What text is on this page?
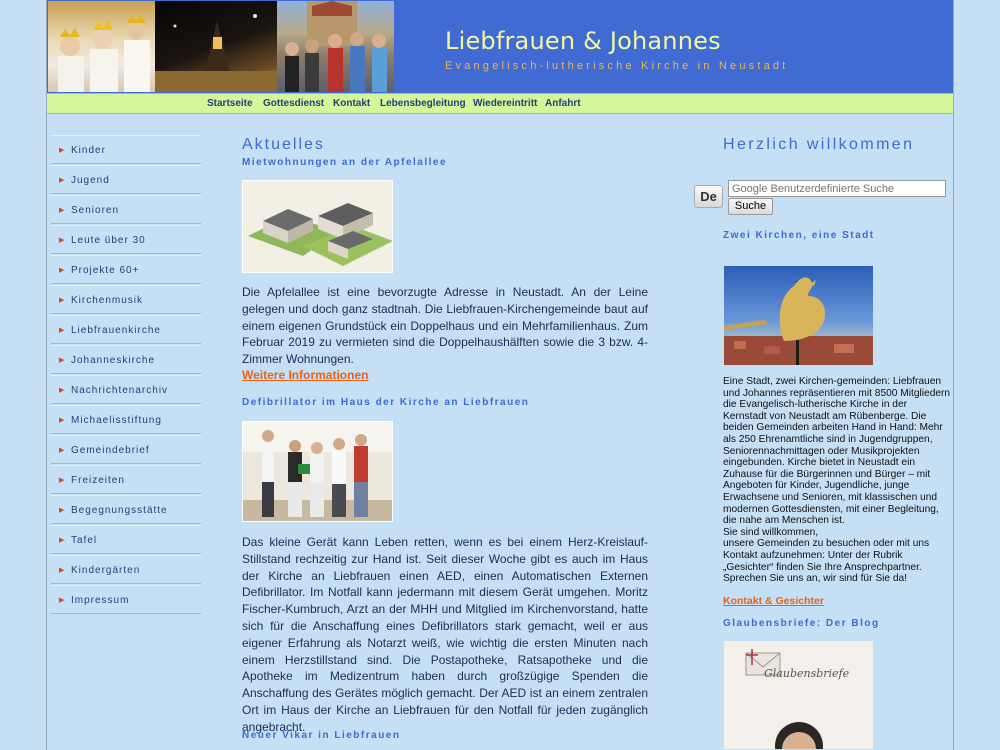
Liebfrauen & Johannes
Evangelisch-lutherische Kirche in Neustadt
Startseite Gottesdienst Kontakt Lebensbegleitung Wiedereintritt Anfahrt
▶ Kinder
▶ Jugend
▶ Senioren
▶ Leute über 30
▶ Projekte 60+
▶ Kirchenmusik
▶ Liebfrauenkirche
▶ Johanneskirche
▶ Nachrichtenarchiv
▶ Michaelisstiftung
▶ Gemeindebrief
▶ Freizeiten
▶ Begegnungsstätte
▶ Tafel
▶ Kindergärten
▶ Impressum
Aktuelles
Mietwohnungen an der Apfelallee
Die Apfelallee ist eine bevorzugte Adresse in Neustadt. An der Leine gelegen und doch ganz stadtnah. Die Liebfrauen-Kirchengemeinde baut auf einem eigenen Grundstück ein Doppelhaus und ein Mehrfamilienhaus. Zum Februar 2019 zu vermieten sind die Doppelhaushälften sowie die 3 bzw. 4-Zimmer Wohnungen.
Weitere Informationen
Defibrillator im Haus der Kirche an Liebfrauen
Das kleine Gerät kann Leben retten, wenn es bei einem Herz-Kreislauf-Stillstand rechzeitig zur Hand ist. Seit dieser Woche gibt es auch im Haus der Kirche an Liebfrauen einen AED, einen Automatischen Externen Defibrillator. Im Notfall kann jedermann mit diesem Gerät umgehen. Moritz Fischer-Kumbruch, Arzt an der MHH und Mitglied im Kirchenvorstand, hatte sich für die Anschaffung eines Defibrillators stark gemacht, weil er aus eigener Erfahrung als Notarzt weiß, wie wichtig die ersten Minuten nach einem Herzstillstand sind. Die Postapotheke, Ratsapotheke und die Apotheke im Medizentrum haben durch großzügige Spenden die Anschaffung des Gerätes möglich gemacht. Der AED ist an einem zentralen Ort im Haus der Kirche an Liebfrauen für den Notfall für jeden zugänglich angebracht.
Neuer Vikar in Liebfrauen
Herzlich willkommen
De
Google Benutzerdefinierte Suche
Suche
Zwei Kirchen, eine Stadt
Eine Stadt, zwei Kirchen-gemeinden: Liebfrauen
und Johannes repräsentieren mit 8500 Mitgliedern
die Evangelisch-lutherische Kirche in der
Kernstadt von Neustadt am Rübenberge. Die
beiden Gemeinden arbeiten Hand in Hand: Mehr
als 250 Ehrenamtliche sind in Jugendgruppen,
Seniorennachmittagen oder Musikprojekten
eingebunden. Kirche bietet in Neustadt ein
Zuhause für die Bürgerinnen und Bürger – mit
Angeboten für Kinder, Jugendliche, junge
Erwachsene und Senioren, mit klassischen und
modernen Gottesdiensten, mit einer Begleitung,
die nahe am Menschen ist.
Sie sind willkommen,
unsere Gemeinden zu besuchen oder mit uns
Kontakt aufzunehmen: Unter der Rubrik
„Gesichter“ finden Sie Ihre Ansprechpartner.
Sprechen Sie uns an, wir sind für Sie da!
Kontakt & Gesichter
Glaubensbriefe: Der Blog
Glaubensbriefe
